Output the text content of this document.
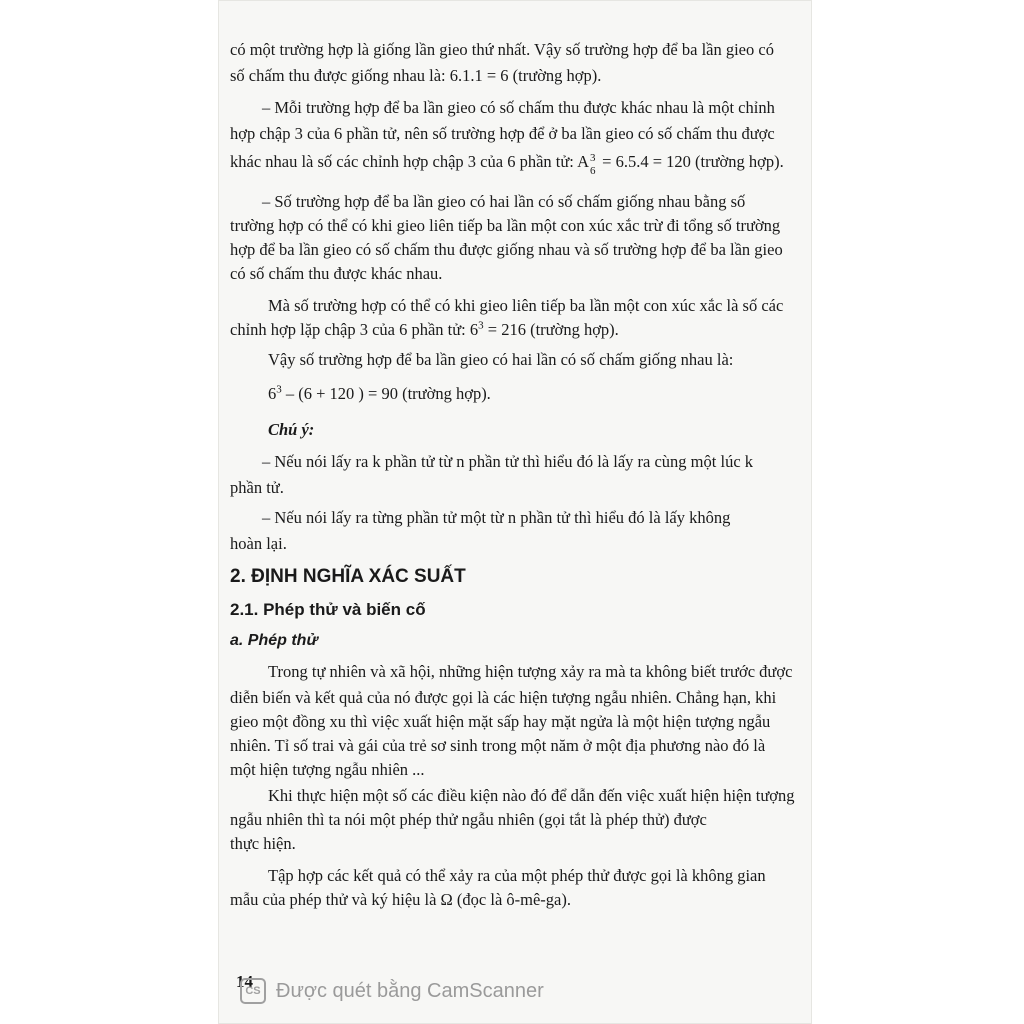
có một trường hợp là giống lần gieo thứ nhất. Vậy số trường hợp để ba lần gieo có
số chấm thu được giống nhau là: 6.1.1 = 6 (trường hợp).
– Mỗi trường hợp để ba lần gieo có số chấm thu được khác nhau là một chỉnh
hợp chập 3 của 6 phần tử, nên số trường hợp để ở ba lần gieo có số chấm thu được
khác nhau là số các chỉnh hợp chập 3 của 6 phần tử: A 3
6 = 6.5.4 = 120 (trường hợp).
– Số trường hợp để ba lần gieo có hai lần có số chấm giống nhau bằng số
trường hợp có thể có khi gieo liên tiếp ba lần một con xúc xắc trừ đi tổng số trường
hợp để ba lần gieo có số chấm thu được giống nhau và số trường hợp để ba lần gieo
có số chấm thu được khác nhau.
Mà số trường hợp có thể có khi gieo liên tiếp ba lần một con xúc xắc là số các
chỉnh hợp lặp chập 3 của 6 phần tử: $6^3 = 216$ (trường hợp).
Vậy số trường hợp để ba lần gieo có hai lần có số chấm giống nhau là:
$6^3 - (6 + 120$ ) = 90 (trường hợp).
Chú ý:
– Nếu nói lấy ra k phần tử từ n phần tử thì hiểu đó là lấy ra cùng một lúc k
phần tử.
– Nếu nói lấy ra từng phần tử một từ n phần tử thì hiểu đó là lấy không
hoàn lại.
2. ĐỊNH NGHĨA XÁC SUẤT
2.1. Phép thử và biến cố
a. Phép thử
Trong tự nhiên và xã hội, những hiện tượng xảy ra mà ta không biết trước được
diễn biến và kết quả của nó được gọi là các hiện tượng ngẫu nhiên. Chẳng hạn, khi
gieo một đồng xu thì việc xuất hiện mặt sấp hay mặt ngửa là một hiện tượng ngẫu
nhiên. Tỉ số trai và gái của trẻ sơ sinh trong một năm ở một địa phương nào đó là
một hiện tượng ngẫu nhiên ...
Khi thực hiện một số các điều kiện nào đó để dẫn đến việc xuất hiện hiện tượng
ngẫu nhiên thì ta nói một phép thử ngẫu nhiên (gọi tắt là phép thử) được
thực hiện.
Tập hợp các kết quả có thể xảy ra của một phép thử được gọi là không gian
mẫu của phép thử và ký hiệu là Ω (đọc là ô-mê-ga).
14
CS Được quét bằng CamScanner
